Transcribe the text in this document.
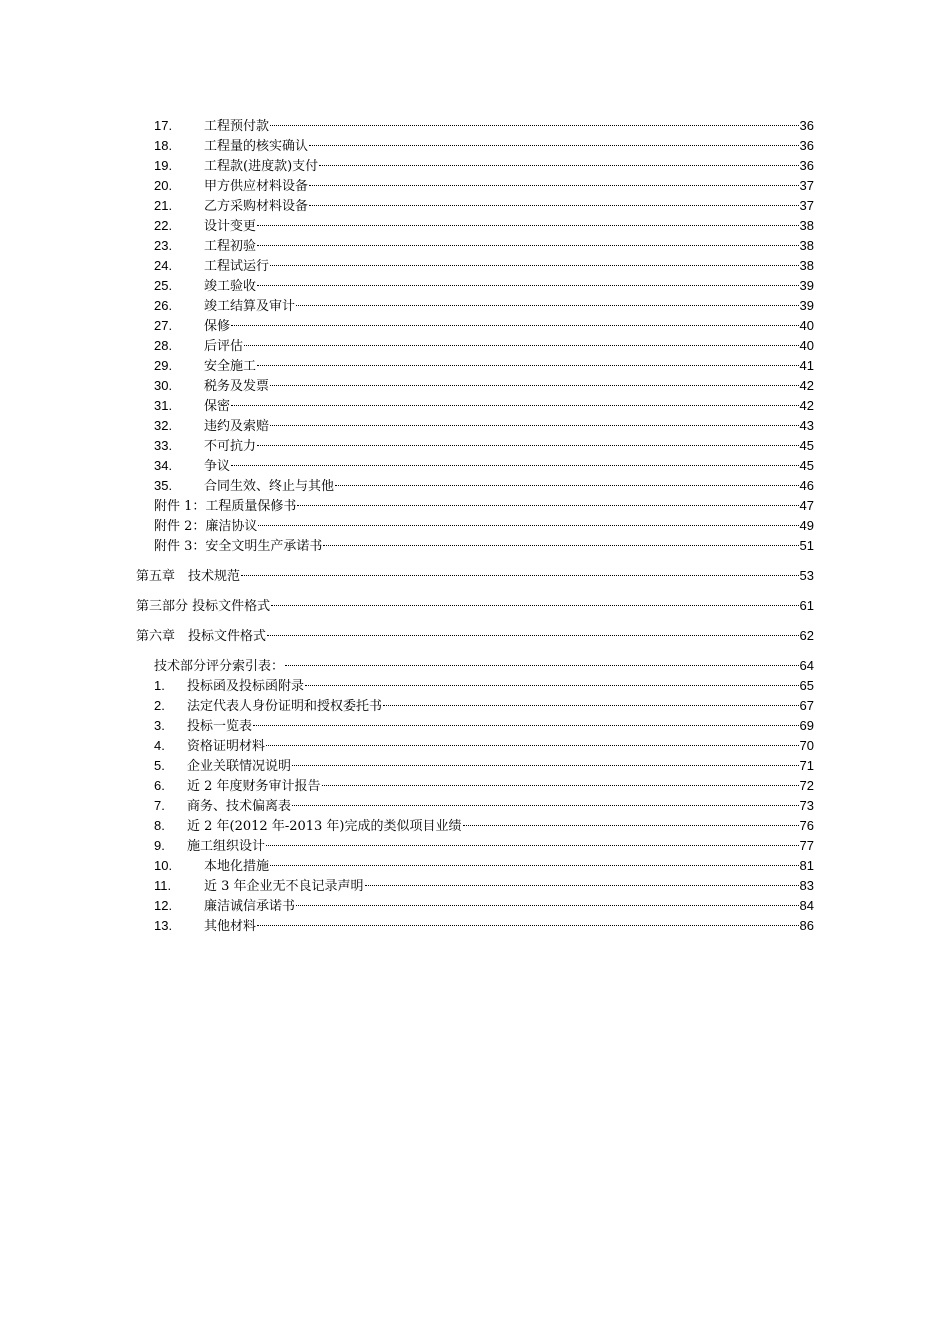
17.	工程预付款	36
18.	工程量的核实确认	36
19.	工程款(进度款)支付	36
20.	甲方供应材料设备	37
21.	乙方采购材料设备	37
22.	设计变更	38
23.	工程初验	38
24.	工程试运行	38
25.	竣工验收	39
26.	竣工结算及审计	39
27.	保修	40
28.	后评估	40
29.	安全施工	41
30.	税务及发票	42
31.	保密	42
32.	违约及索赔	43
33.	不可抗力	45
34.	争议	45
35.	合同生效、终止与其他	46
附件 1：工程质量保修书	47
附件 2：廉洁协议	49
附件 3：安全文明生产承诺书	51
第五章　技术规范	53
第三部分 投标文件格式	61
第六章　投标文件格式	62
技术部分评分索引表：	64
1.	投标函及投标函附录	65
2.	法定代表人身份证明和授权委托书	67
3.	投标一览表	69
4.	资格证明材料	70
5.	企业关联情况说明	71
6.	近 2 年度财务审计报告	72
7.	商务、技术偏离表	73
8.	近 2 年(2012 年-2013 年)完成的类似项目业绩	76
9.	施工组织设计	77
10.	本地化措施	81
11.	近 3 年企业无不良记录声明	83
12.	廉洁诚信承诺书	84
13.	其他材料	86
